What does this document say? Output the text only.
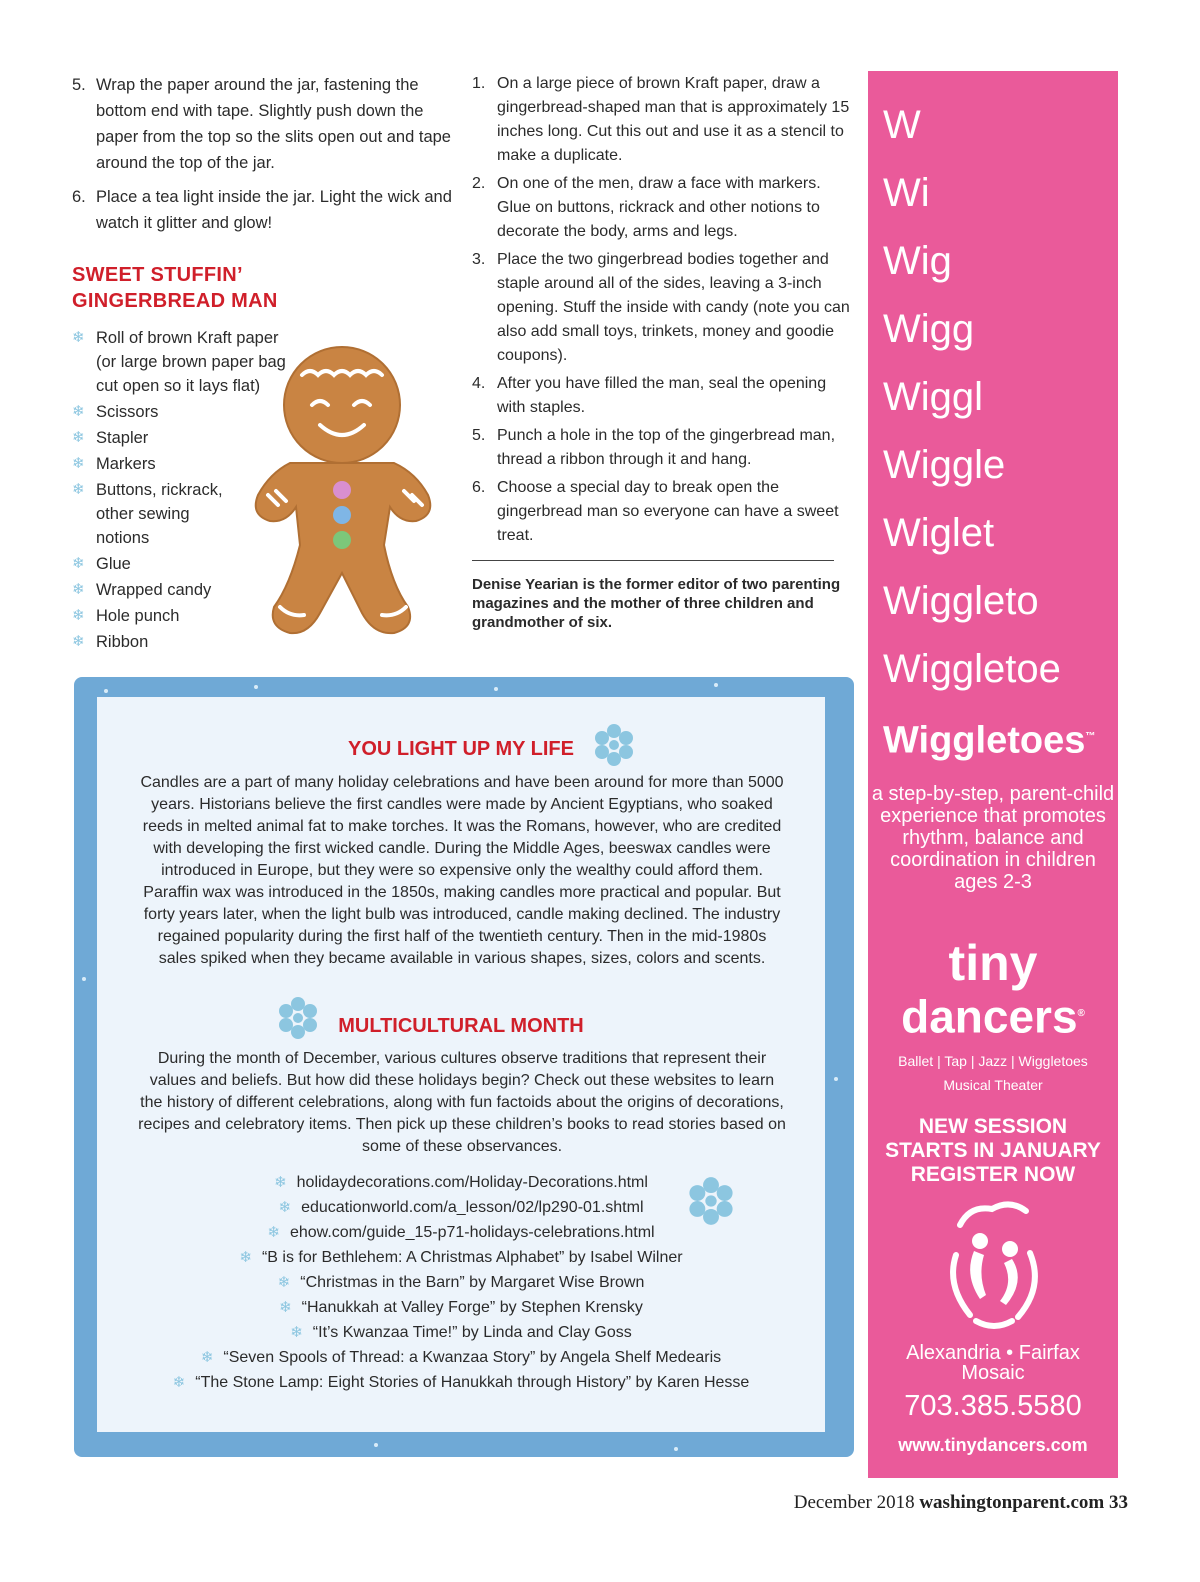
5. Wrap the paper around the jar, fastening the bottom end with tape. Slightly push down the paper from the top so the slits open out and tape around the top of the jar.
6. Place a tea light inside the jar. Light the wick and watch it glitter and glow!
SWEET STUFFIN’
GINGERBREAD MAN
❄ Roll of brown Kraft paper (or large brown paper bag cut open so it lays flat)
❄ Scissors
❄ Stapler
❄ Markers
❄ Buttons, rickrack, other sewing notions
❄ Glue
❄ Wrapped candy
❄ Hole punch
❄ Ribbon
1. On a large piece of brown Kraft paper, draw a gingerbread-shaped man that is approximately 15 inches long. Cut this out and use it as a stencil to make a duplicate.
2. On one of the men, draw a face with markers. Glue on buttons, rickrack and other notions to decorate the body, arms and legs.
3. Place the two gingerbread bodies together and staple around all of the sides, leaving a 3-inch opening. Stuff the inside with candy (note you can also add small toys, trinkets, money and goodie coupons).
4. After you have filled the man, seal the opening with staples.
5. Punch a hole in the top of the gingerbread man, thread a ribbon through it and hang.
6. Choose a special day to break open the gingerbread man so everyone can have a sweet treat.
Denise Yearian is the former editor of two parenting magazines and the mother of three children and grandmother of six.
W
Wi
Wig
Wigg
Wiggl
Wiggle
Wiglet
Wiggleto
Wiggletoe
Wiggletoes™
a step-by-step, parent-child experience that promotes rhythm, balance and coordination in children ages 2-3
tiny
dancers®
Ballet | Tap | Jazz | Wiggletoes
Musical Theater
NEW SESSION
STARTS IN JANUARY
REGISTER NOW
Alexandria • Fairfax
Mosaic
703.385.5580
www.tinydancers.com
YOU LIGHT UP MY LIFE

Candles are a part of many holiday celebrations and have been around for more than 5000 years. Historians believe the first candles were made by Ancient Egyptians, who soaked reeds in melted animal fat to make torches. It was the Romans, however, who are credited with developing the first wicked candle. During the Middle Ages, beeswax candles were introduced in Europe, but they were so expensive only the wealthy could afford them. Paraffin wax was introduced in the 1850s, making candles more practical and popular. But forty years later, when the light bulb was introduced, candle making declined. The industry regained popularity during the first half of the twentieth century. Then in the mid-1980s sales spiked when they became available in various shapes, sizes, colors and scents.

MULTICULTURAL MONTH

During the month of December, various cultures observe traditions that represent their values and beliefs. But how did these holidays begin? Check out these websites to learn the history of different celebrations, along with fun factoids about the origins of decorations, recipes and celebratory items. Then pick up these children’s books to read stories based on some of these observances.

❄ holidaydecorations.com/Holiday-Decorations.html
❄ educationworld.com/a_lesson/02/lp290-01.shtml
❄ ehow.com/guide_15-p71-holidays-celebrations.html
❄ “B is for Bethlehem: A Christmas Alphabet” by Isabel Wilner
❄ “Christmas in the Barn” by Margaret Wise Brown
❄ “Hanukkah at Valley Forge” by Stephen Krensky
❄ “It’s Kwanzaa Time!” by Linda and Clay Goss
❄ “Seven Spools of Thread: a Kwanzaa Story” by Angela Shelf Medearis
❄ “The Stone Lamp: Eight Stories of Hanukkah through History” by Karen Hesse
December 2018 washingtonparent.com 33
